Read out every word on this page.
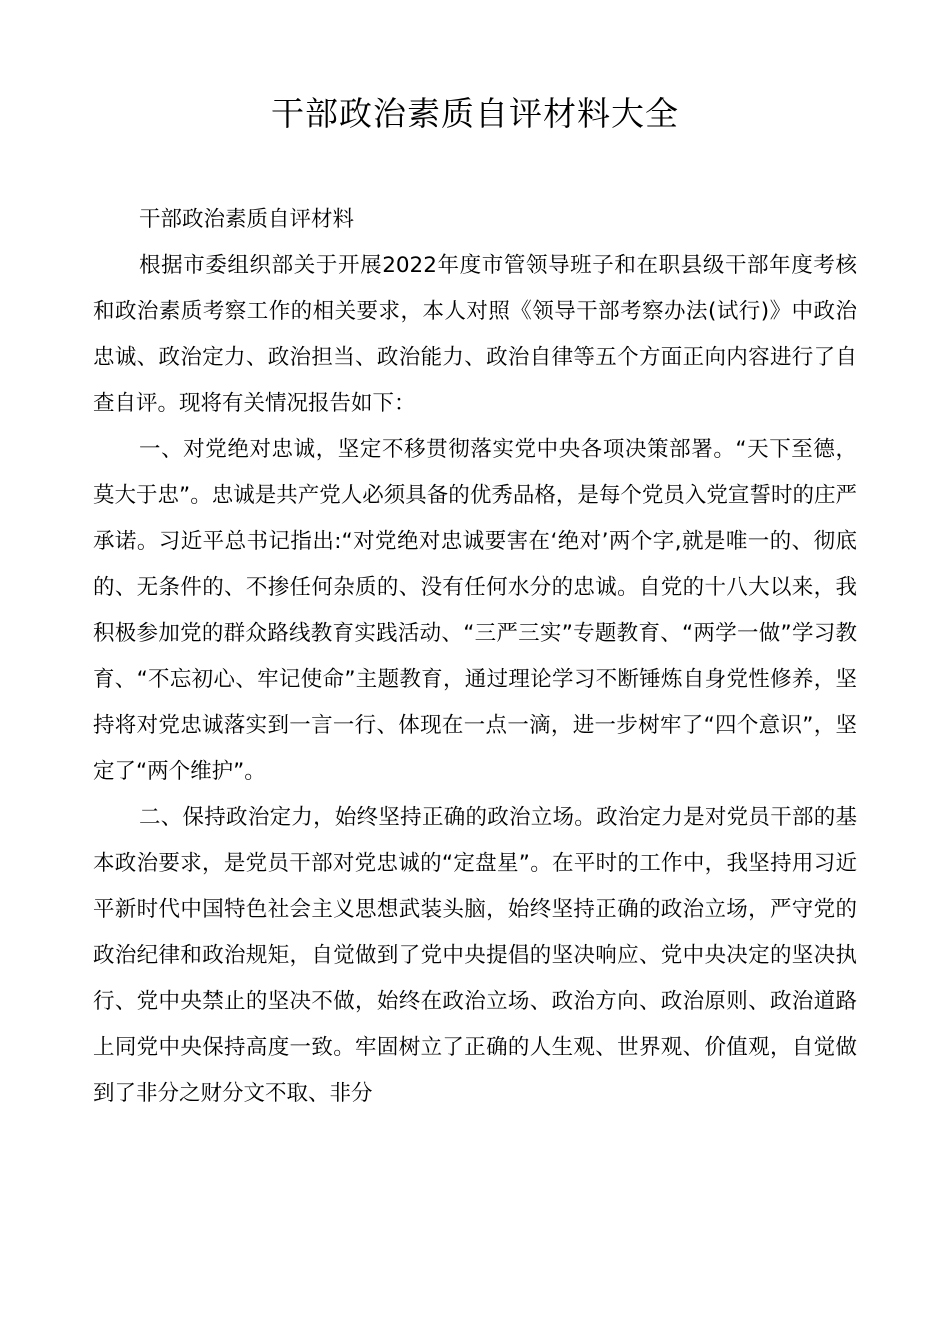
干部政治素质自评材料大全

干部政治素质自评材料

根据市委组织部关于开展2022年度市管领导班子和在职县级干部年度考核和政治素质考察工作的相关要求，本人对照《领导干部考察办法(试行)》中政治忠诚、政治定力、政治担当、政治能力、政治自律等五个方面正向内容进行了自查自评。现将有关情况报告如下：

一、对党绝对忠诚，坚定不移贯彻落实党中央各项决策部署。“天下至德，莫大于忠”。忠诚是共产党人必须具备的优秀品格，是每个党员入党宣誓时的庄严承诺。习近平总书记指出:“对党绝对忠诚要害在‘绝对’两个字,就是唯一的、彻底的、无条件的、不掺任何杂质的、没有任何水分的忠诚。自党的十八大以来，我积极参加党的群众路线教育实践活动、“三严三实”专题教育、“两学一做”学习教育、“不忘初心、牢记使命”主题教育，通过理论学习不断锤炼自身党性修养，坚持将对党忠诚落实到一言一行、体现在一点一滴，进一步树牢了“四个意识”，坚定了“两个维护”。

二、保持政治定力，始终坚持正确的政治立场。政治定力是对党员干部的基本政治要求，是党员干部对党忠诚的“定盘星”。在平时的工作中，我坚持用习近平新时代中国特色社会主义思想武装头脑，始终坚持正确的政治立场，严守党的政治纪律和政治规矩，自觉做到了党中央提倡的坚决响应、党中央决定的坚决执行、党中央禁止的坚决不做，始终在政治立场、政治方向、政治原则、政治道路上同党中央保持高度一致。牢固树立了正确的人生观、世界观、价值观，自觉做到了非分之财分文不取、非分
